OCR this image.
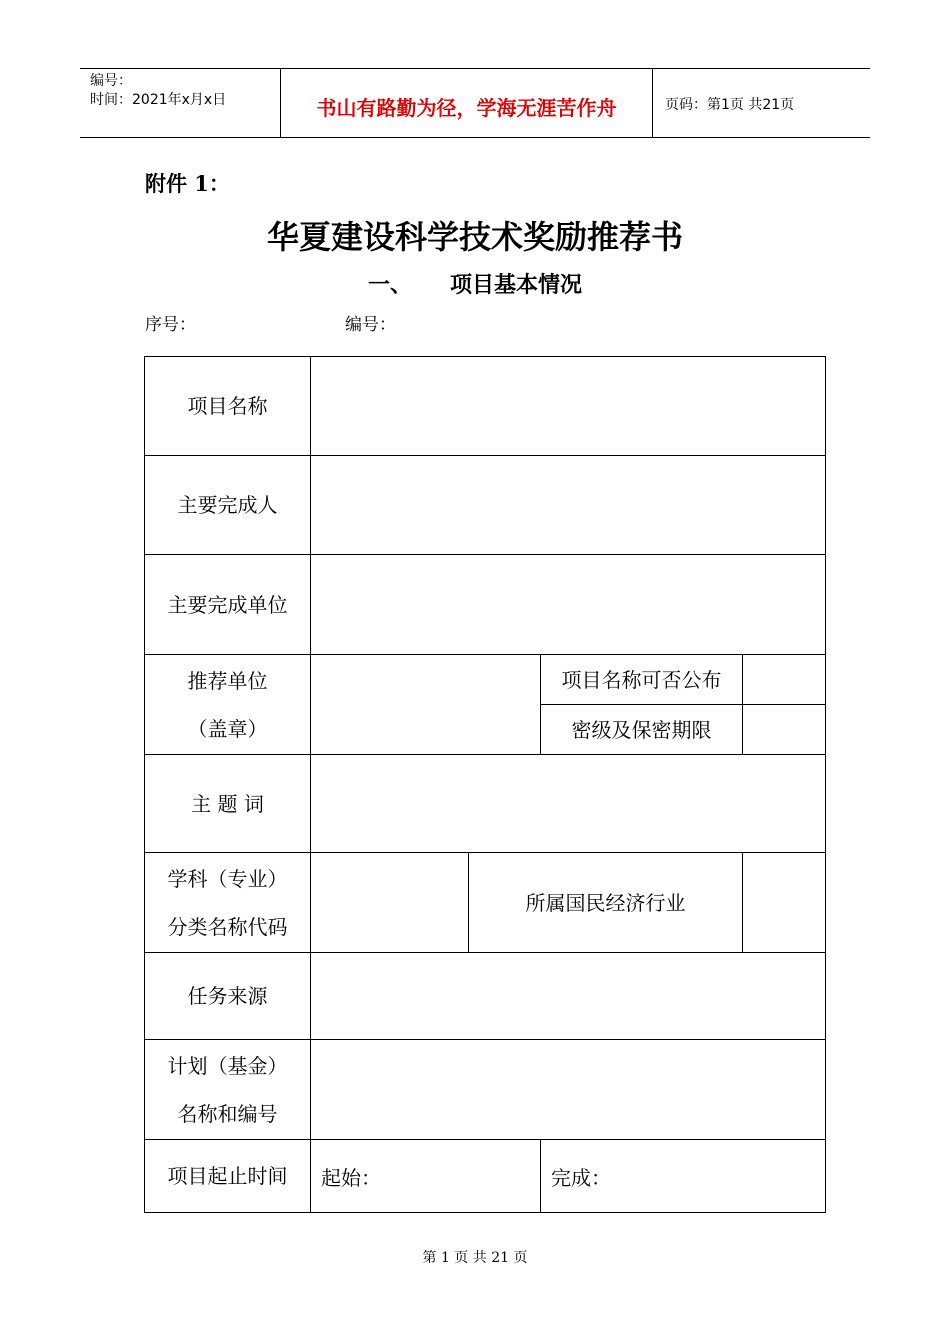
编号：
时间：2021年x月x日	书山有路勤为径，学海无涯苦作舟	页码：第1页 共21页
附件 1：
华夏建设科学技术奖励推荐书
一、 项目基本情况
序号：	编号：
项目名称				
主要完成人				
主要完成单位				

推荐单位
（盖章）			项目名称可否公布	
			密级及保密期限	
主 题 词				

学科（专业）
分类名称代码		所属国民经济行业		
任务来源				

计划（基金）
名称和编号				

项目起止时间	起始：		完成：	
第 1 页 共 21 页
